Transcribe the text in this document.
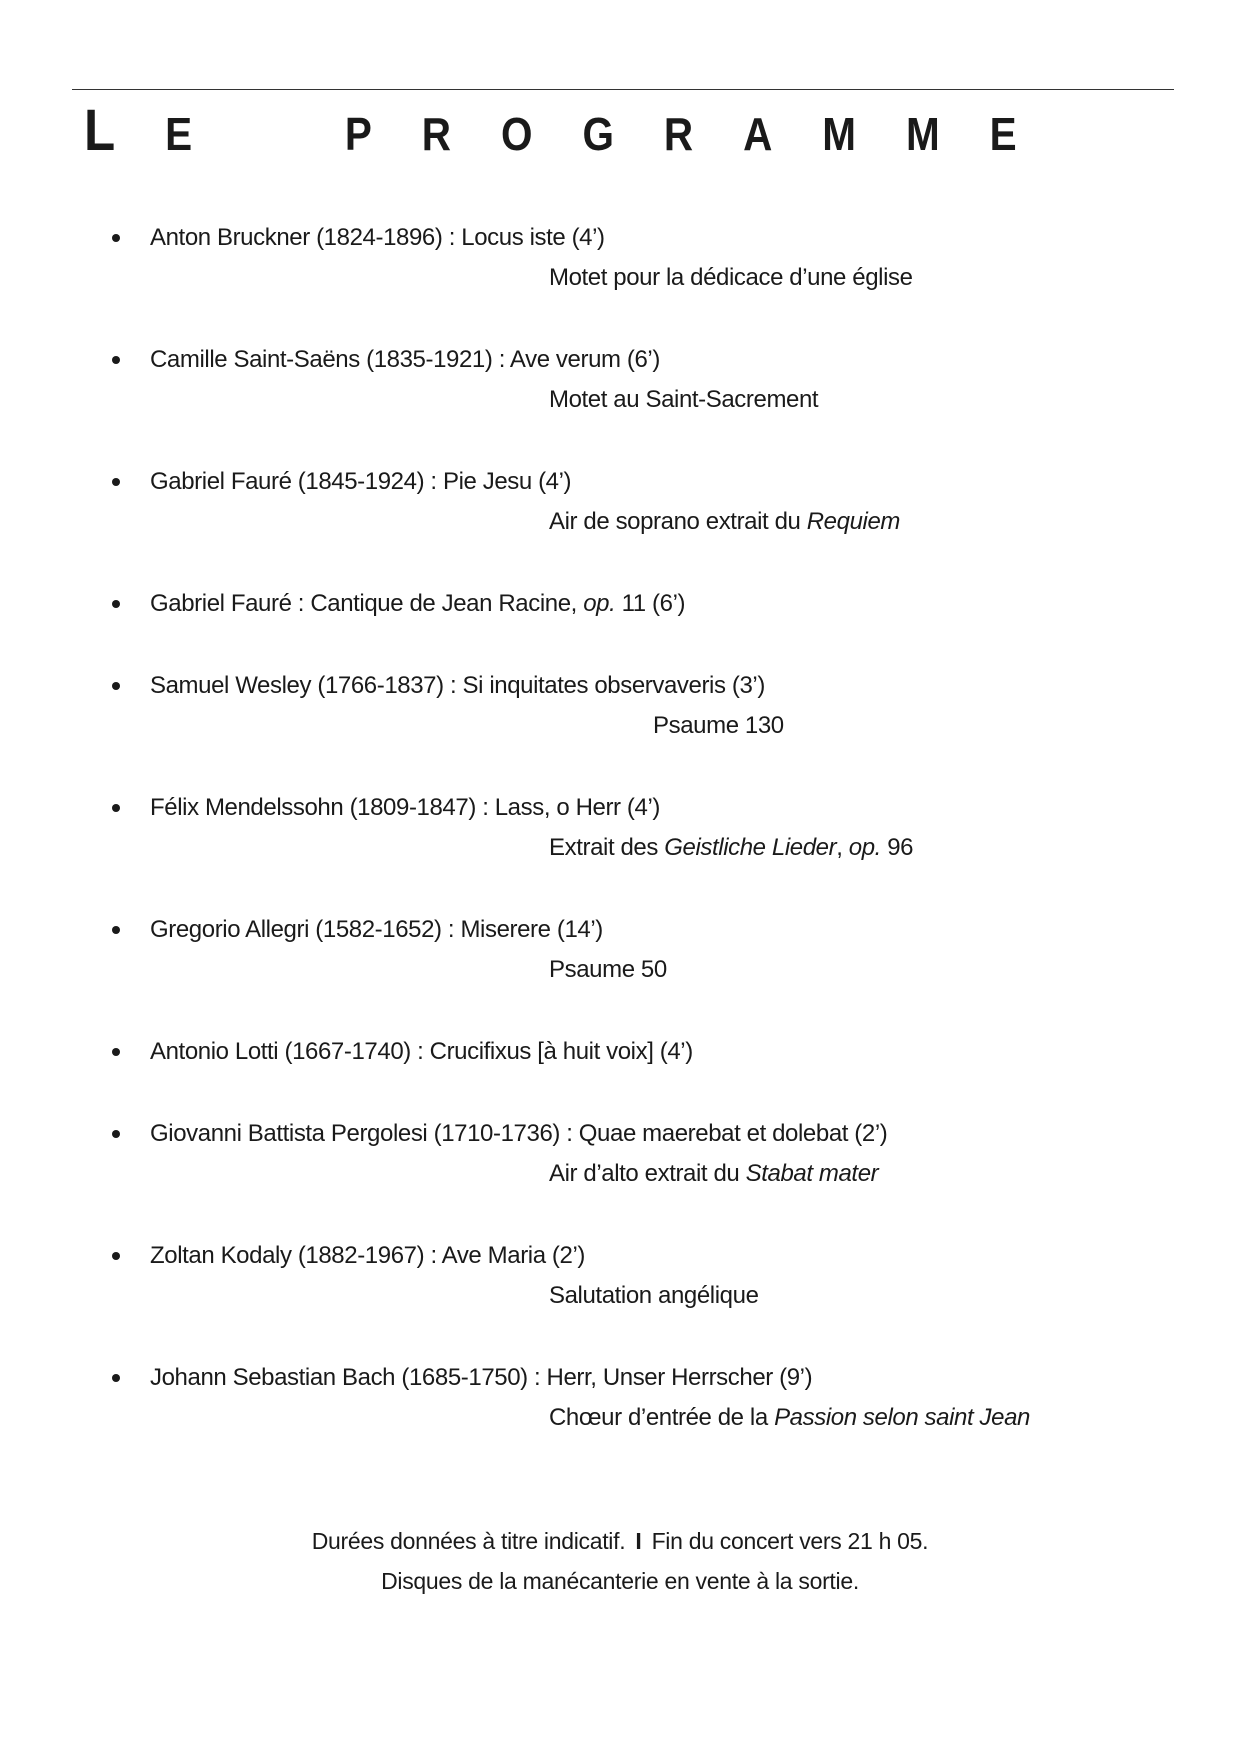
L E	P R O G R A M M E
Anton Bruckner (1824-1896) : Locus iste (4’)
Motet pour la dédicace d’une église
Camille Saint-Saëns (1835-1921) : Ave verum (6’)
Motet au Saint-Sacrement
Gabriel Fauré (1845-1924) : Pie Jesu (4’)
Air de soprano extrait du Requiem
Gabriel Fauré : Cantique de Jean Racine, op. 11 (6’)
Samuel Wesley (1766-1837) : Si inquitates observaveris (3’)
Psaume 130
Félix Mendelssohn (1809-1847) : Lass, o Herr (4’)
Extrait des Geistliche Lieder, op. 96
Gregorio Allegri (1582-1652) : Miserere (14’)
Psaume 50
Antonio Lotti (1667-1740) : Crucifixus [à huit voix] (4’)
Giovanni Battista Pergolesi (1710-1736) : Quae maerebat et dolebat (2’)
Air d’alto extrait du Stabat mater
Zoltan Kodaly (1882-1967) : Ave Maria (2’)
Salutation angélique
Johann Sebastian Bach (1685-1750) : Herr, Unser Herrscher (9’)
Chœur d’entrée de la Passion selon saint Jean
Durées données à titre indicatif. I Fin du concert vers 21 h 05.
Disques de la manécanterie en vente à la sortie.
